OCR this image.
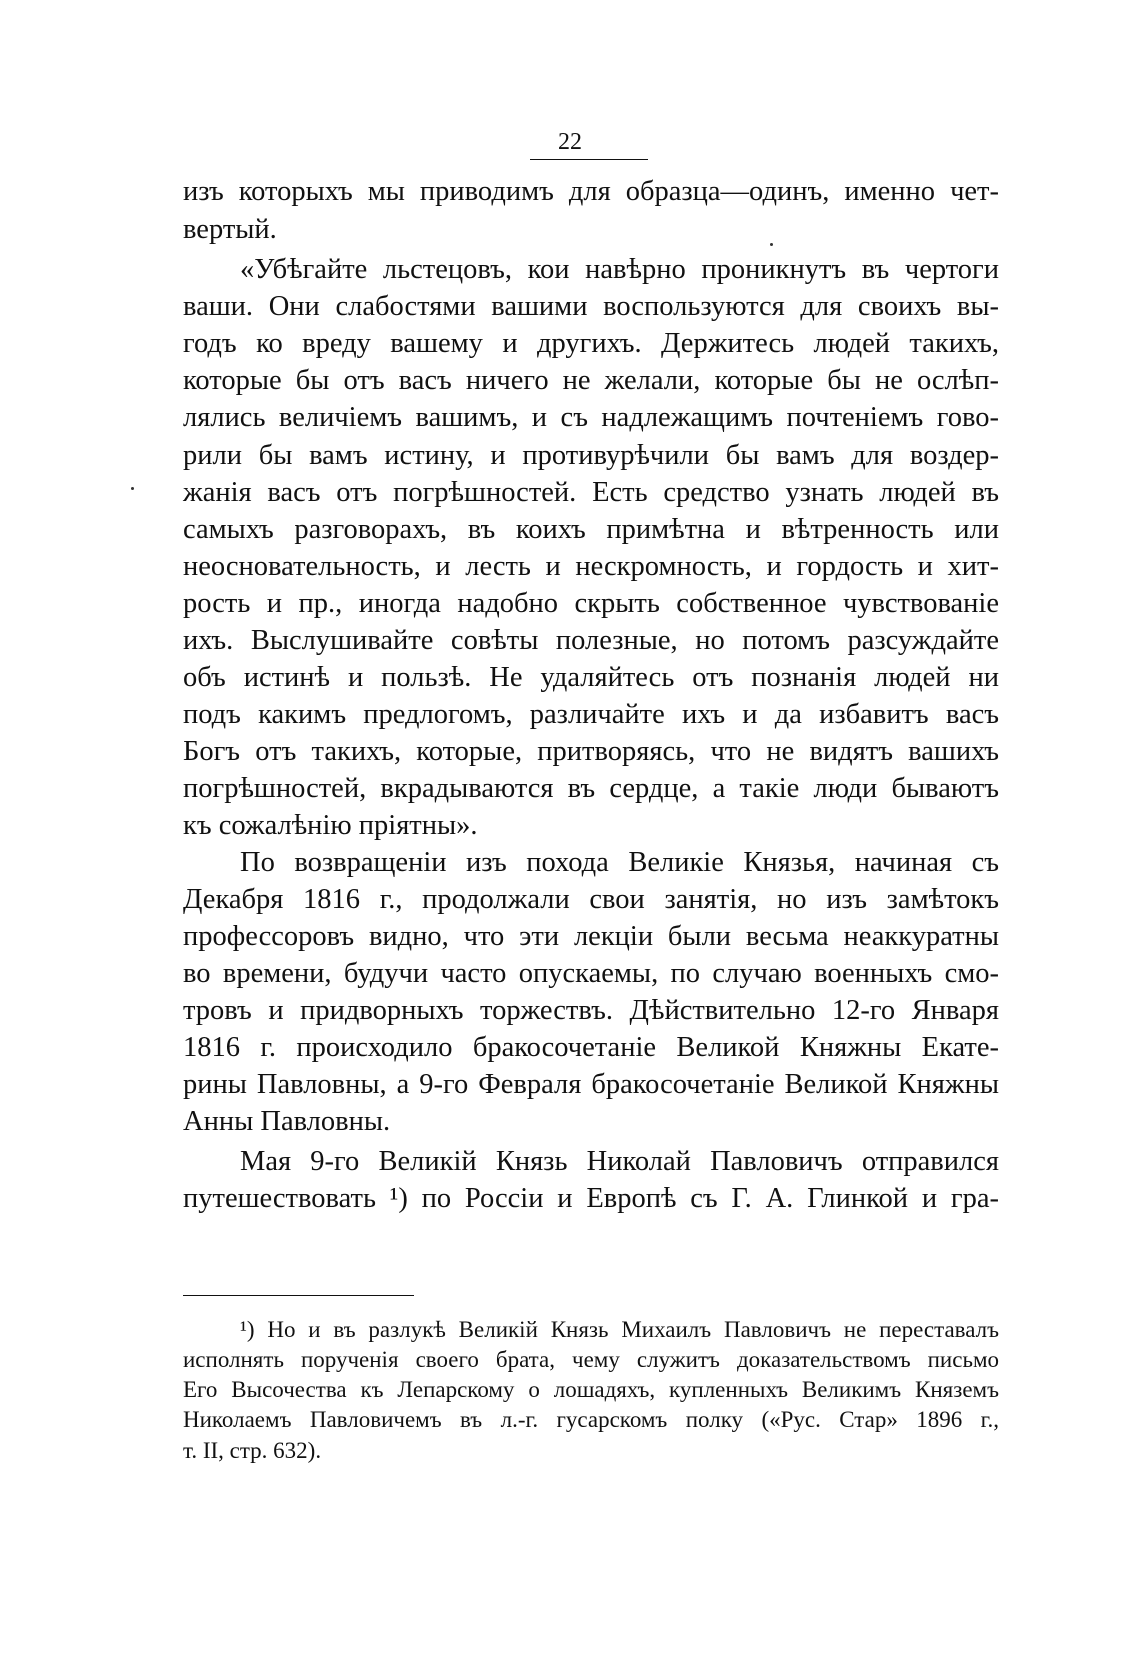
22
изъ которыхъ мы приводимъ для образца—одинъ, именно чет-
вертый.
«Убѣгайте льстецовъ, кои навѣрно проникнутъ въ чертоги
ваши. Они слабостями вашими воспользуются для своихъ вы-
годъ ко вреду вашему и другихъ. Держитесь людей такихъ,
которые бы отъ васъ ничего не желали, которые бы не ослѣп-
лялись величіемъ вашимъ, и съ надлежащимъ почтеніемъ гово-
рили бы вамъ истину, и противурѣчили бы вамъ для воздер-
жанія васъ отъ погрѣшностей. Есть средство узнать людей въ
самыхъ разговорахъ, въ коихъ примѣтна и вѣтренность или
неосновательность, и лесть и нескромность, и гордость и хит-
рость и пр., иногда надобно скрыть собственное чувствованіе
ихъ. Выслушивайте совѣты полезные, но потомъ разсуждайте
объ истинѣ и пользѣ. Не удаляйтесь отъ познанія людей ни
подъ какимъ предлогомъ, различайте ихъ и да избавитъ васъ
Богъ отъ такихъ, которые, притворяясь, что не видятъ вашихъ
погрѣшностей, вкрадываются въ сердце, а такіе люди бываютъ
къ сожалѣнію пріятны».
По возвращеніи изъ похода Великіе Князья, начиная съ
Декабря 1816 г., продолжали свои занятія, но изъ замѣтокъ
профессоровъ видно, что эти лекціи были весьма неаккуратны
во времени, будучи часто опускаемы, по случаю военныхъ смо-
тровъ и придворныхъ торжествъ. Дѣйствительно 12-го Января
1816 г. происходило бракосочетаніе Великой Княжны Екате-
рины Павловны, а 9-го Февраля бракосочетаніе Великой Княжны
Анны Павловны.
Мая 9-го Великій Князь Николай Павловичъ отправился
путешествовать ¹) по Россіи и Европѣ съ Г. А. Глинкой и гра-
¹) Но и въ разлукѣ Великій Князь Михаилъ Павловичъ не переставалъ
исполнять порученія своего брата, чему служитъ доказательствомъ письмо
Его Высочества къ Лепарскому о лошадяхъ, купленныхъ Великимъ Княземъ
Николаемъ Павловичемъ въ л.-г. гусарскомъ полку («Рус. Стар» 1896 г.,
т. II, стр. 632).
